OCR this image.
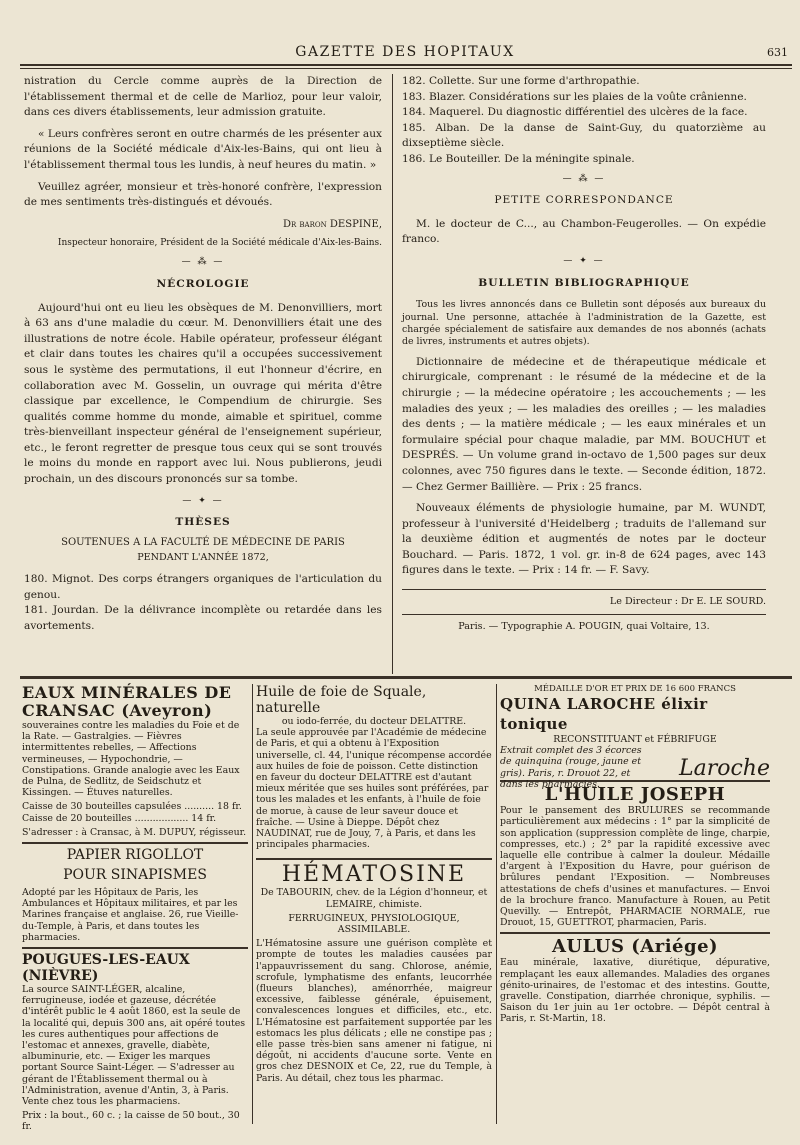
GAZETTE DES HOPITAUX	631

nistration du Cercle comme auprès de la Direction de l'établissement thermal et de celle de Marlioz, pour leur valoir, dans ces divers établissements, leur admission gratuite.

« Leurs confrères seront en outre charmés de les présenter aux réunions de la Société médicale d'Aix-les-Bains, qui ont lieu à l'établissement thermal tous les lundis, à neuf heures du matin. »

Veuillez agréer, monsieur et très-honoré confrère, l'expression de mes sentiments très-distingués et dévoués.

Dr baron DESPINE,

Inspecteur honoraire, Président de la Société médicale d'Aix-les-Bains.

— ⁂ —
NÉCROLOGIE

Aujourd'hui ont eu lieu les obsèques de M. Denonvilliers, mort à 63 ans d'une maladie du cœur. M. Denonvilliers était une des illustrations de notre école. Habile opérateur, professeur élégant et clair dans toutes les chaires qu'il a occupées successivement sous le système des permutations, il eut l'honneur d'écrire, en collaboration avec M. Gosselin, un ouvrage qui mérita d'être classique par excellence, le Compendium de chirurgie. Ses qualités comme homme du monde, aimable et spirituel, comme très-bienveillant inspecteur général de l'enseignement supérieur, etc., le feront regretter de presque tous ceux qui se sont trouvés le moins du monde en rapport avec lui. Nous publierons, jeudi prochain, un des discours prononcés sur sa tombe.

— ✦ —
THÈSES
SOUTENUES A LA FACULTÉ DE MÉDECINE DE PARIS
PENDANT L'ANNÉE 1872,
180. Mignot. Des corps étrangers organiques de l'articulation du genou.
181. Jourdan. De la délivrance incomplète ou retardée dans les avortements.
182. Collette. Sur une forme d'arthropathie.
183. Blazer. Considérations sur les plaies de la voûte crânienne.
184. Maquerel. Du diagnostic différentiel des ulcères de la face.
185. Alban. De la danse de Saint-Guy, du quatorzième au dixseptième siècle.
186. Le Bouteiller. De la méningite spinale.
— ⁂ —
PETITE CORRESPONDANCE

M. le docteur de C..., au Chambon-Feugerolles. — On expédie franco.

— ✦ —
BULLETIN BIBLIOGRAPHIQUE

Tous les livres annoncés dans ce Bulletin sont déposés aux bureaux du journal. Une personne, attachée à l'administration de la Gazette, est chargée spécialement de satisfaire aux demandes de nos abonnés (achats de livres, instruments et autres objets).

Dictionnaire de médecine et de thérapeutique médicale et chirurgicale, comprenant : le résumé de la médecine et de la chirurgie ; — la médecine opératoire ; les accouchements ; — les maladies des yeux ; — les maladies des oreilles ; — les maladies des dents ; — la matière médicale ; — les eaux minérales et un formulaire spécial pour chaque maladie, par MM. BOUCHUT et DESPRÉS. — Un volume grand in-octavo de 1,500 pages sur deux colonnes, avec 750 figures dans le texte. — Seconde édition, 1872. — Chez Germer Baillière. — Prix : 25 francs.

Nouveaux éléments de physiologie humaine, par M. WUNDT, professeur à l'université d'Heidelberg ; traduits de l'allemand sur la deuxième édition et augmentés de notes par le docteur Bouchard. — Paris. 1872, 1 vol. gr. in-8 de 624 pages, avec 143 figures dans le texte. — Prix : 14 fr. — F. Savy.

Le Directeur : Dr E. LE SOURD.
Paris. — Typographie A. POUGIN, quai Voltaire, 13.
EAUX MINÉRALES DE CRANSAC (Aveyron)

souveraines contre les maladies du Foie et de la Rate. — Gastralgies. — Fièvres intermittentes rebelles, — Affections vermineuses, — Hypochondrie, — Constipations. Grande analogie avec les Eaux de Pulna, de Sedlitz, de Seidschutz et Kissingen. — Étuves naturelles.

Caisse de 30 bouteilles capsulées .......... 18 fr.

Caisse de 20 bouteilles .................. 14 fr.

S'adresser : à Cransac, à M. DUPUY, régisseur.

PAPIER RIGOLLOT
POUR SINAPISMES

Adopté par les Hôpitaux de Paris, les Ambulances et Hôpitaux militaires, et par les Marines française et anglaise. 26, rue Vieille-du-Temple, à Paris, et dans toutes les pharmacies.

POUGUES-LES-EAUX (NIÈVRE)

La source SAINT-LÉGER, alcaline, ferrugineuse, iodée et gazeuse, décrétée d'intérêt public le 4 août 1860, est la seule de la localité qui, depuis 300 ans, ait opéré toutes les cures authentiques pour affections de l'estomac et annexes, gravelle, diabète, albuminurie, etc. — Exiger les marques portant Source Saint-Léger. — S'adresser au gérant de l'Établissement thermal ou à l'Administration, avenue d'Antin, 3, à Paris. Vente chez tous les pharmaciens.

Prix : la bout., 60 c. ; la caisse de 50 bout., 30 fr.

Huile de foie de Squale, naturelle
ou iodo-ferrée, du docteur DELATTRE.

La seule approuvée par l'Académie de médecine de Paris, et qui a obtenu à l'Exposition universelle, cl. 44, l'unique récompense accordée aux huiles de foie de poisson. Cette distinction en faveur du docteur DELATTRE est d'autant mieux méritée que ses huiles sont préférées, par tous les malades et les enfants, à l'huile de foie de morue, à cause de leur saveur douce et fraîche. — Usine à Dieppe. Dépôt chez NAUDINAT, rue de Jouy, 7, à Paris, et dans les principales pharmacies.

HÉMATOSINE
De TABOURIN, chev. de la Légion d'honneur, et LEMAIRE, chimiste.
FERRUGINEUX, PHYSIOLOGIQUE, ASSIMILABLE.

L'Hématosine assure une guérison complète et prompte de toutes les maladies causées par l'appauvrissement du sang. Chlorose, anémie, scrofule, lymphatisme des enfants, leucorrhée (flueurs blanches), aménorrhée, maigreur excessive, faiblesse générale, épuisement, convalescences longues et difficiles, etc., etc. L'Hématosine est parfaitement supportée par les estomacs les plus délicats ; elle ne constipe pas ; elle passe très-bien sans amener ni fatigue, ni dégoût, ni accidents d'aucune sorte. Vente en gros chez DESNOIX et Ce, 22, rue du Temple, à Paris. Au détail, chez tous les pharmac.

MÉDAILLE D'OR ET PRIX DE 16 600 FRANCS
QUINA LAROCHE élixir tonique
RECONSTITUANT et FÉBRIFUGE

Extrait complet des 3 écorces de quinquina (rouge, jaune et gris). Paris, r. Drouot 22, et dans les pharmacies.

Laroche
L'HUILE JOSEPH

Pour le pansement des BRULURES se recommande particulièrement aux médecins : 1° par la simplicité de son application (suppression complète de linge, charpie, compresses, etc.) ; 2° par la rapidité excessive avec laquelle elle contribue à calmer la douleur. Médaille d'argent à l'Exposition du Havre, pour guérison de brûlures pendant l'Exposition. — Nombreuses attestations de chefs d'usines et manufactures. — Envoi de la brochure franco. Manufacture à Rouen, au Petit Quevilly. — Entrepôt, PHARMACIE NORMALE, rue Drouot, 15, GUETTROT, pharmacien, Paris.

AULUS (Ariége)

Eau minérale, laxative, diurétique, dépurative, remplaçant les eaux allemandes. Maladies des organes génito-urinaires, de l'estomac et des intestins. Goutte, gravelle. Constipation, diarrhée chronique, syphilis. — Saison du 1er juin au 1er octobre. — Dépôt central à Paris, r. St-Martin, 18.
